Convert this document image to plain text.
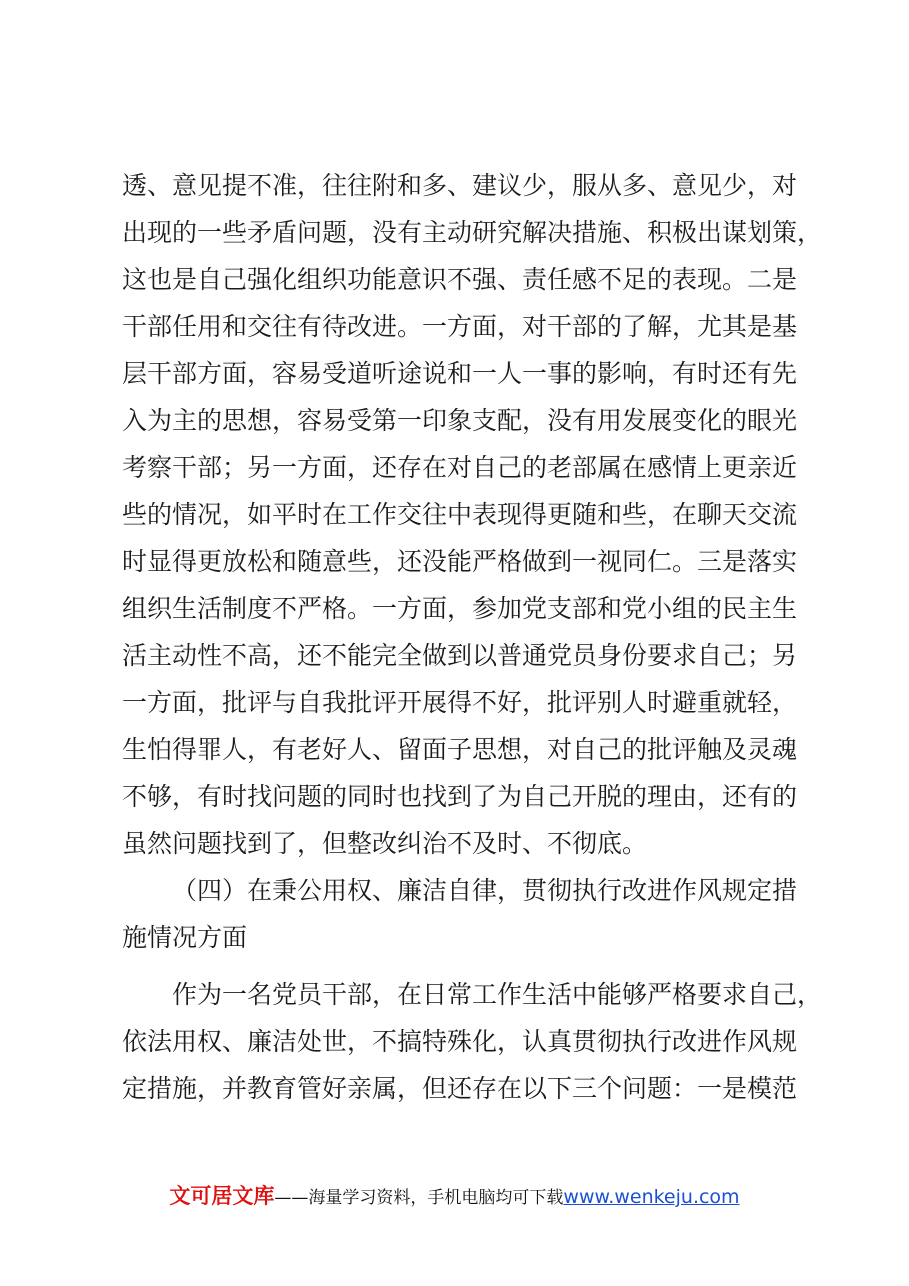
透、意见提不准，往往附和多、建议少，服从多、意见少，对
出现的一些矛盾问题，没有主动研究解决措施、积极出谋划策，
这也是自己强化组织功能意识不强、责任感不足的表现。二是
干部任用和交往有待改进。一方面，对干部的了解，尤其是基
层干部方面，容易受道听途说和一人一事的影响，有时还有先
入为主的思想，容易受第一印象支配，没有用发展变化的眼光
考察干部；另一方面，还存在对自己的老部属在感情上更亲近
些的情况，如平时在工作交往中表现得更随和些，在聊天交流
时显得更放松和随意些，还没能严格做到一视同仁。三是落实
组织生活制度不严格。一方面，参加党支部和党小组的民主生
活主动性不高，还不能完全做到以普通党员身份要求自己；另
一方面，批评与自我批评开展得不好，批评别人时避重就轻，
生怕得罪人，有老好人、留面子思想，对自己的批评触及灵魂
不够，有时找问题的同时也找到了为自己开脱的理由，还有的
虽然问题找到了，但整改纠治不及时、不彻底。
（四）在秉公用权、廉洁自律，贯彻执行改进作风规定措
施情况方面
作为一名党员干部，在日常工作生活中能够严格要求自己，
依法用权、廉洁处世，不搞特殊化，认真贯彻执行改进作风规
定措施，并教育管好亲属，但还存在以下三个问题：一是模范
文可居文库——海量学习资料，手机电脑均可下载www.wenkeju.com
